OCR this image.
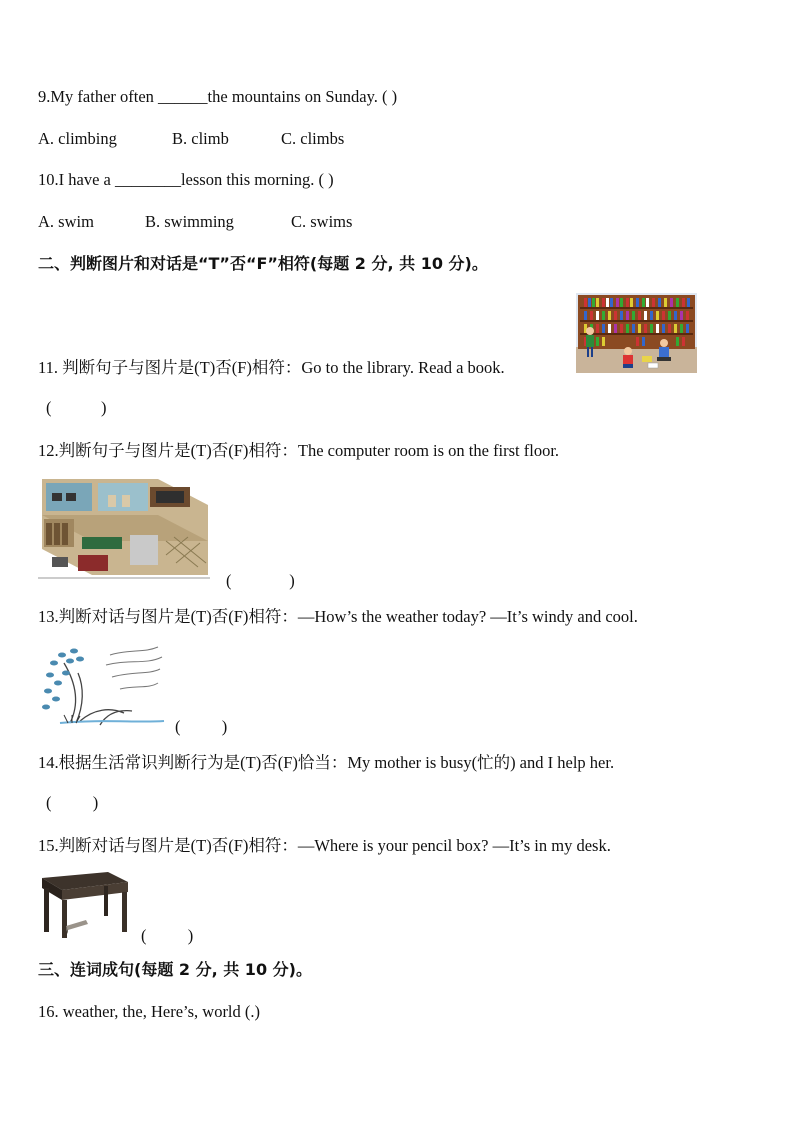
9.My father often ______the mountains on Sunday. ( )
A. climbing	B. climb	C. climbs
10.I have a ________lesson this morning. ( )
A. swim	B. swimming	C. swims
二、判断图片和对话是“T”否“F”相符(每题 2 分, 共 10 分)。
11. 判断句子与图片是(T)否(F)相符：Go to the library. Read a book.
(            )
12.判断句子与图片是(T)否(F)相符：The computer room is on the first floor.
(              )
13.判断对话与图片是(T)否(F)相符：—How’s the weather today? —It’s windy and cool.
(          )
14.根据生活常识判断行为是(T)否(F)恰当：My mother is busy(忙的) and I help her.
(          )
15.判断对话与图片是(T)否(F)相符：—Where is your pencil box? —It’s in my desk.
(          )
三、连词成句(每题 2 分, 共 10 分)。
16. weather, the, Here’s, world (.)
